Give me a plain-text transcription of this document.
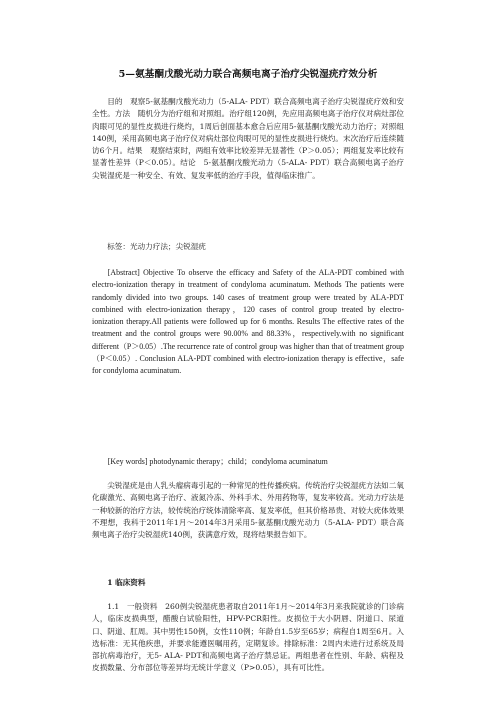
5—氨基酮戊酸光动力联合高频电离子治疗尖锐湿疣疗效分析

目的　观察5-氨基酮戊酸光动力（5-ALA- PDT）联合高频电离子治疗尖锐湿疣疗效和安全性。方法　随机分为治疗组和对照组。治疗组120例，先应用高频电离子治疗仪对病灶部位肉眼可见的显性皮损进行烧灼，1周后创面基本愈合后应用5-氨基酮戊酸光动力治疗；对照组140例，采用高频电离子治疗仪对病灶部位肉眼可见的显性皮损进行烧灼。末次治疗后连续随访6个月。结果　观察结束时，两组有效率比较差异无显著性（P＞0.05）；两组复发率比较有显著性差异（P＜0.05）。结论　5-氨基酮戊酸光动力（5-ALA- PDT）联合高频电离子治疗尖锐湿疣是一种安全、有效、复发率低的治疗手段，值得临床推广。

标签：光动力疗法；尖锐湿疣

[Abstract] Objective To observe the efficacy and Safety of the ALA-PDT combined with electro-ionization therapy in treatment of condyloma acuminatum. Methods The patients were randomly divided into two groups. 140 cases of treatment group were treated by ALA-PDT combined with electro-ionization therapy，120 cases of control group treated by electro-ionization therapy.All patients were followed up for 6 months. Results The effective rates of the treatment and the control groups were 90.00% and 88.33%，respectively.with no significant different（P＞0.05）.The recurrence rate of control group was higher than that of treatment group（P＜0.05）. Conclusion ALA-PDT combined with electro-ionization therapy is effective，safe for condyloma acuminatum.

[Key words] photodynamic therapy；child；condyloma acuminatum

尖锐湿疣是由人乳头瘤病毒引起的一种常见的性传播疾病。传统治疗尖锐湿疣方法如二氧化碳激光、高频电离子治疗、液氮冷冻、外科手术、外用药物等，复发率较高。光动力疗法是一种较新的治疗方法，较传统治疗统体清除率高、复发率低，但其价格昂贵、对较大疣体效果不理想，我科于2011年1月～2014年3月采用5-氨基酮戊酸光动力（5-ALA- PDT）联合高频电离子治疗尖锐湿疣140例，获满意疗效，现将结果报告如下。

1 临床资料

1.1　一般资料　260例尖锐湿疣患者取自2011年1月～2014年3月来我院就诊的门诊病人，临床皮损典型，醋酸白试验阳性，HPV-PCR阳性。皮损位于大小阴唇、阴道口、尿道口、阴道、肛周。其中男性150例，女性110例；年龄自1.5岁至65岁；病程自1周至6月。入选标准：无其他疾患，并要求能遵医嘱用药，定期复诊。排除标准：2周内未进行过系统及局部抗病毒治疗，无5- ALA- PDT和高频电离子治疗禁忌证。两组患者在性别、年龄、病程及皮损数量、分布部位等差异均无统计学意义（P>0.05），具有可比性。
